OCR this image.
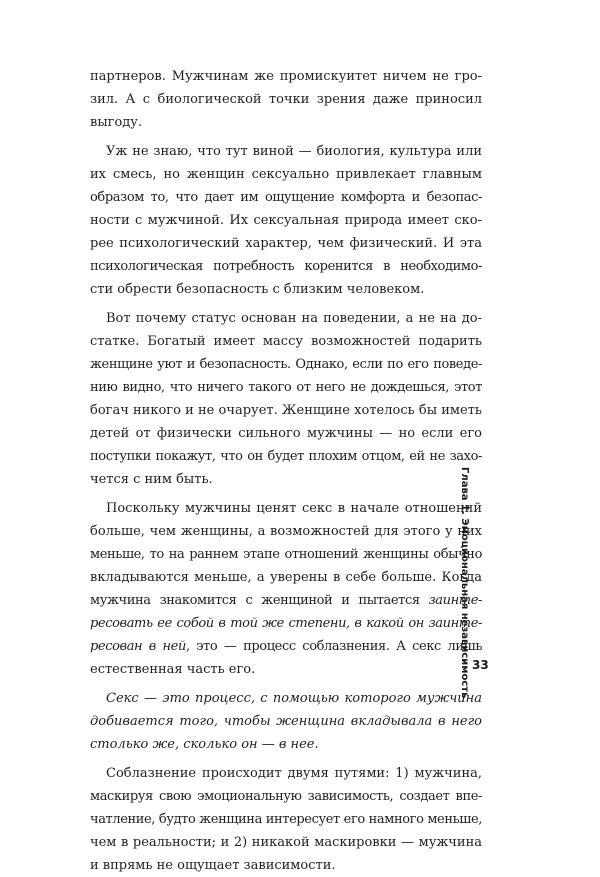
партнеров. Мужчинам же промискуитет ничем не гро-
зил. А с биологической точки зрения даже приносил
выгоду.
Уж не знаю, что тут виной — биология, культура или
их смесь, но женщин сексуально привлекает главным
образом то, что дает им ощущение комфорта и безопас-
ности с мужчиной. Их сексуальная природа имеет ско-
рее психологический характер, чем физический. И эта
психологическая потребность коренится в необходимо-
сти обрести безопасность с близким человеком.
Вот почему статус основан на поведении, а не на до-
статке. Богатый имеет массу возможностей подарить
женщине уют и безопасность. Однако, если по его поведе-
нию видно, что ничего такого от него не дождешься, этот
богач никого и не очарует. Женщине хотелось бы иметь
детей от физически сильного мужчины — но если его
поступки покажут, что он будет плохим отцом, ей не захо-
чется с ним быть.
Поскольку мужчины ценят секс в начале отношений
больше, чем женщины, а возможностей для этого у них
меньше, то на раннем этапе отношений женщины обычно
вкладываются меньше, а уверены в себе больше. Когда
мужчина знакомится с женщиной и пытается заинте-
ресовать ее собой в той же степени, в какой он заинте-
ресован в ней, это — процесс соблазнения. А секс лишь
естественная часть его.
Секс — это процесс, с помощью которого мужчина
добивается того, чтобы женщина вкладывала в него
столько же, сколько он — в нее.
Соблазнение происходит двумя путями: 1) мужчина,
маскируя свою эмоциональную зависимость, создает впе-
чатление, будто женщина интересует его намного меньше,
чем в реальности; и 2) никакой маскировки — мужчина
и впрямь не ощущает зависимости.
Глава 1. Эмоциональная независимость 33
